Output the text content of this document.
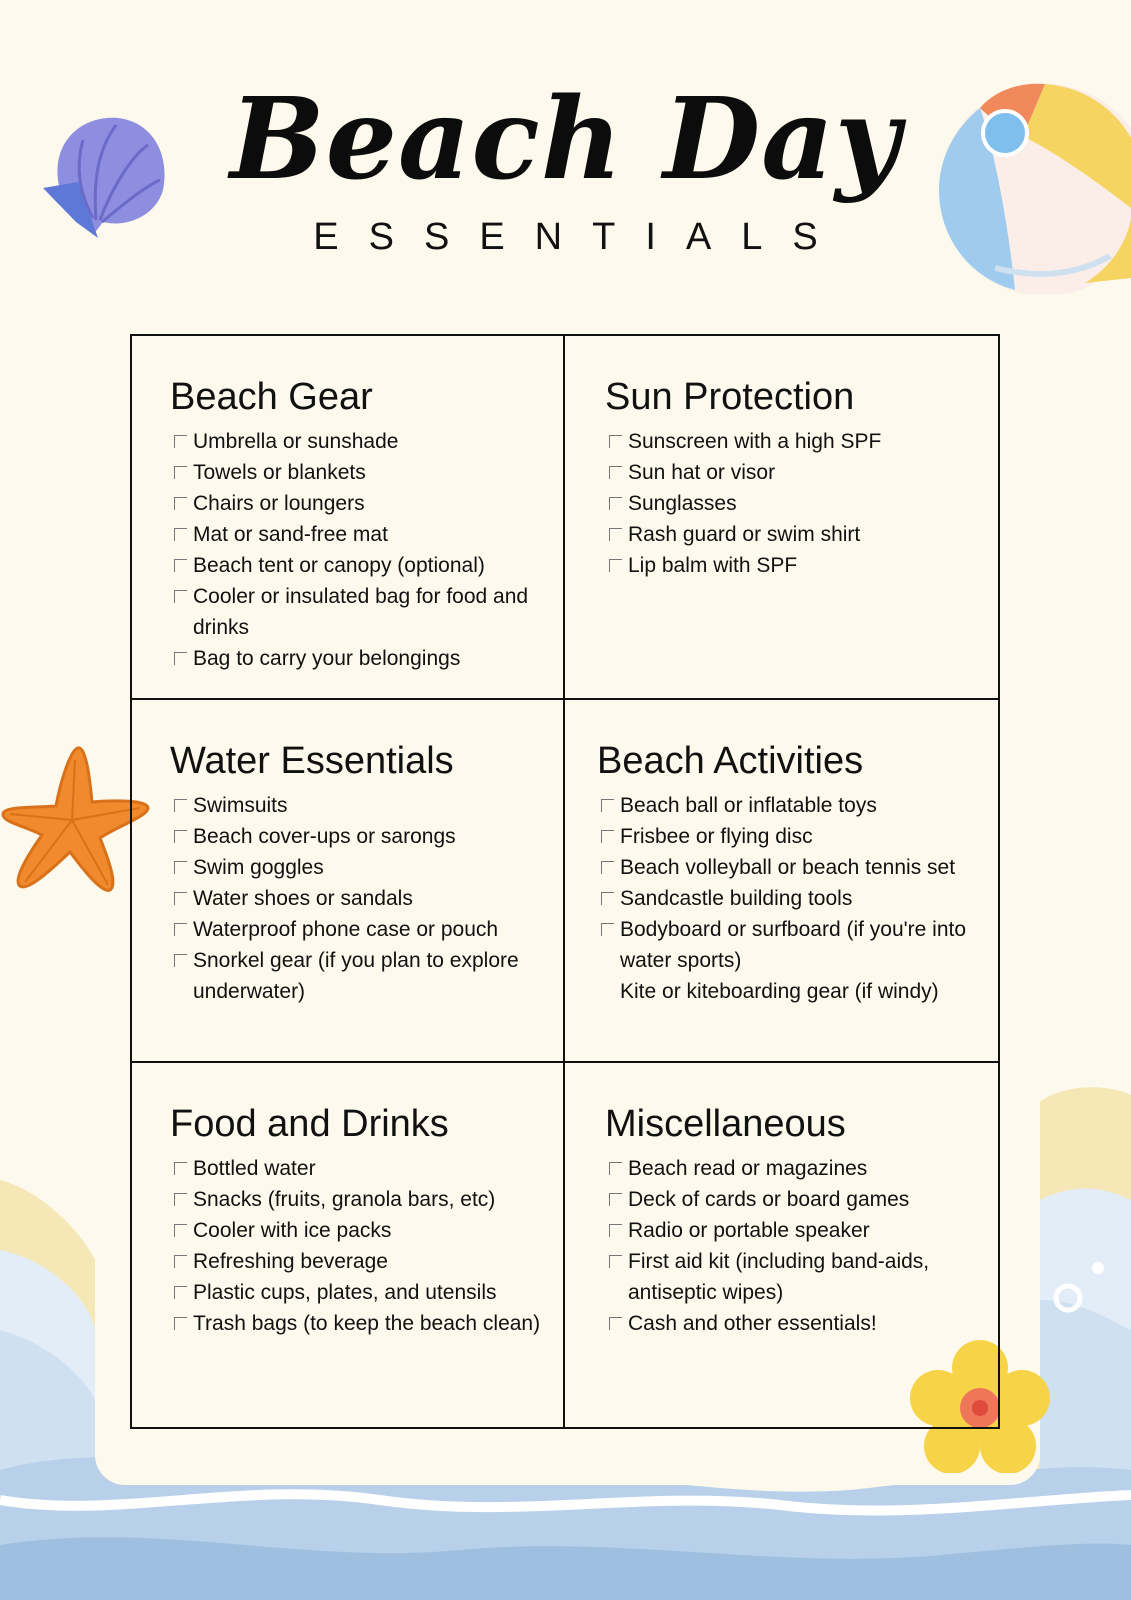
Beach Day
ESSENTIALS
Beach Gear
Umbrella or sunshade
Towels or blankets
Chairs or loungers
Mat or sand-free mat
Beach tent or canopy (optional)
Cooler or insulated bag for food and drinks
Bag to carry your belongings
Sun Protection
Sunscreen with a high SPF
Sun hat or visor
Sunglasses
Rash guard or swim shirt
Lip balm with SPF
Water Essentials
Swimsuits
Beach cover-ups or sarongs
Swim goggles
Water shoes or sandals
Waterproof phone case or pouch
Snorkel gear (if you plan to explore underwater)
Beach Activities
Beach ball or inflatable toys
Frisbee or flying disc
Beach volleyball or beach tennis set
Sandcastle building tools
Bodyboard or surfboard (if you're into water sports)
Kite or kiteboarding gear (if windy)
Food and Drinks
Bottled water
Snacks (fruits, granola bars, etc)
Cooler with ice packs
Refreshing beverage
Plastic cups, plates, and utensils
Trash bags (to keep the beach clean)
Miscellaneous
Beach read or magazines
Deck of cards or board games
Radio or portable speaker
First aid kit (including band-aids, antiseptic wipes)
Cash and other essentials!
